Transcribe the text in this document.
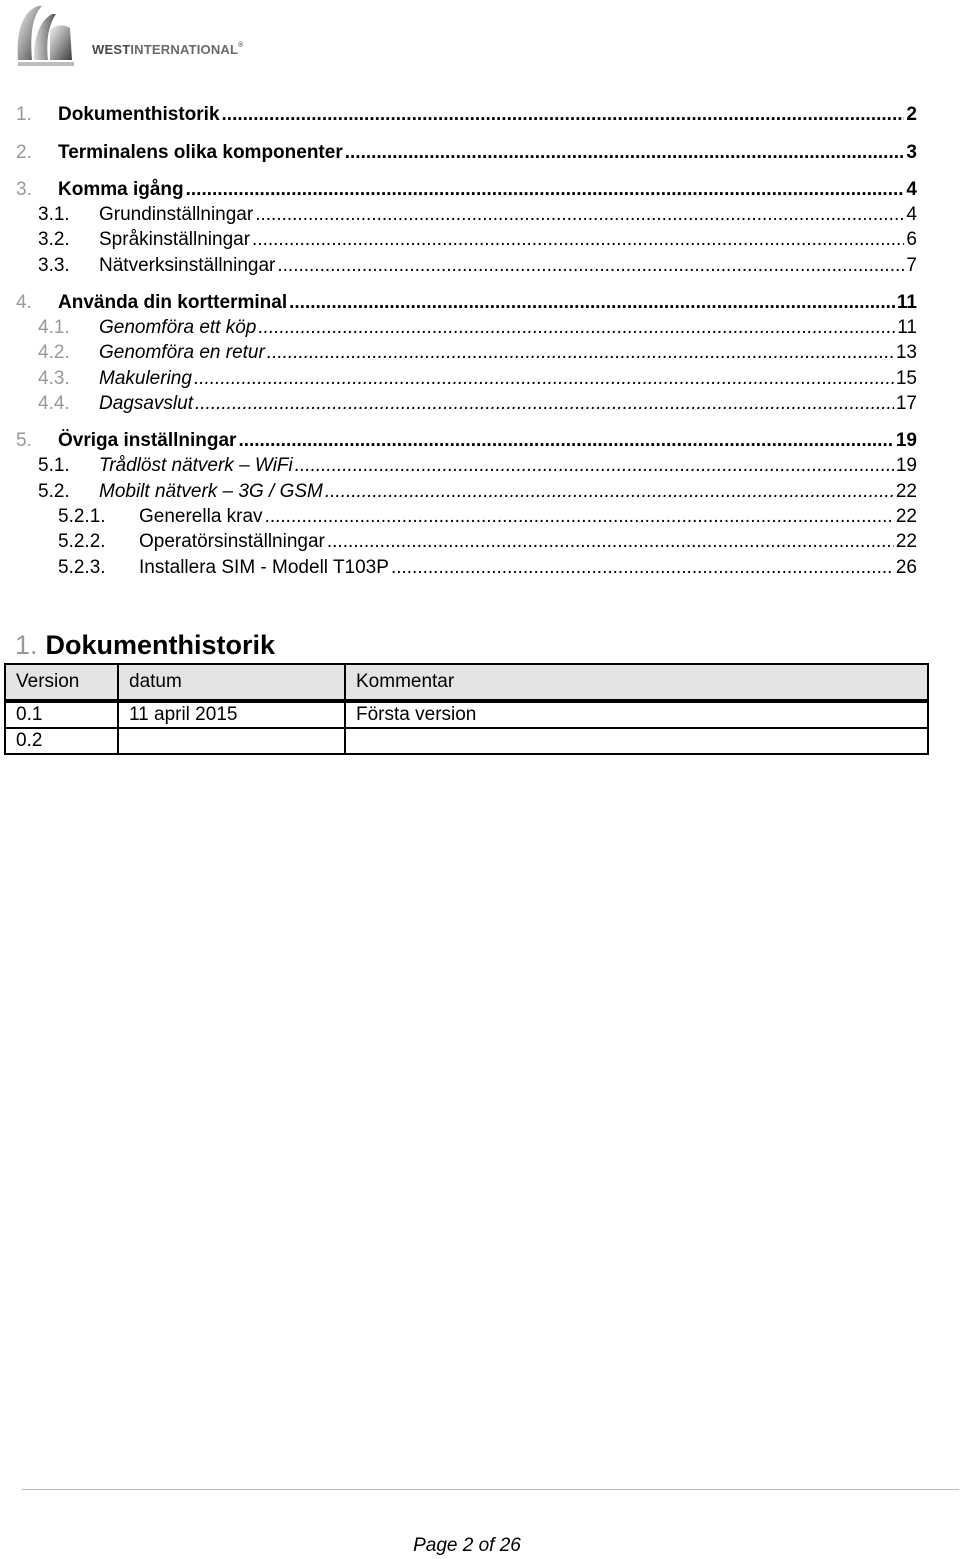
WESTINTERNATIONAL®
1. Dokumenthistorik .....	2
2. Terminalens olika komponenter .....	3
3. Komma igång .....	4
3.1. Grundinställningar .....	4
3.2. Språkinställningar .....	6
3.3. Nätverksinställningar .....	7
4. Använda din kortterminal .....	11
4.1. Genomföra ett köp .....	11
4.2. Genomföra en retur .....	13
4.3. Makulering .....	15
4.4. Dagsavslut .....	17
5. Övriga inställningar .....	19
5.1. Trådlöst nätverk – WiFi .....	19
5.2. Mobilt nätverk – 3G / GSM .....	22
5.2.1. Generella krav .....	22
5.2.2. Operatörsinställningar .....	22
5.2.3. Installera SIM - Modell T103P .....	26
1. Dokumenthistorik
Version	datum	Kommentar
0.1	11 april 2015	Första version
0.2		
Page 2 of 26
